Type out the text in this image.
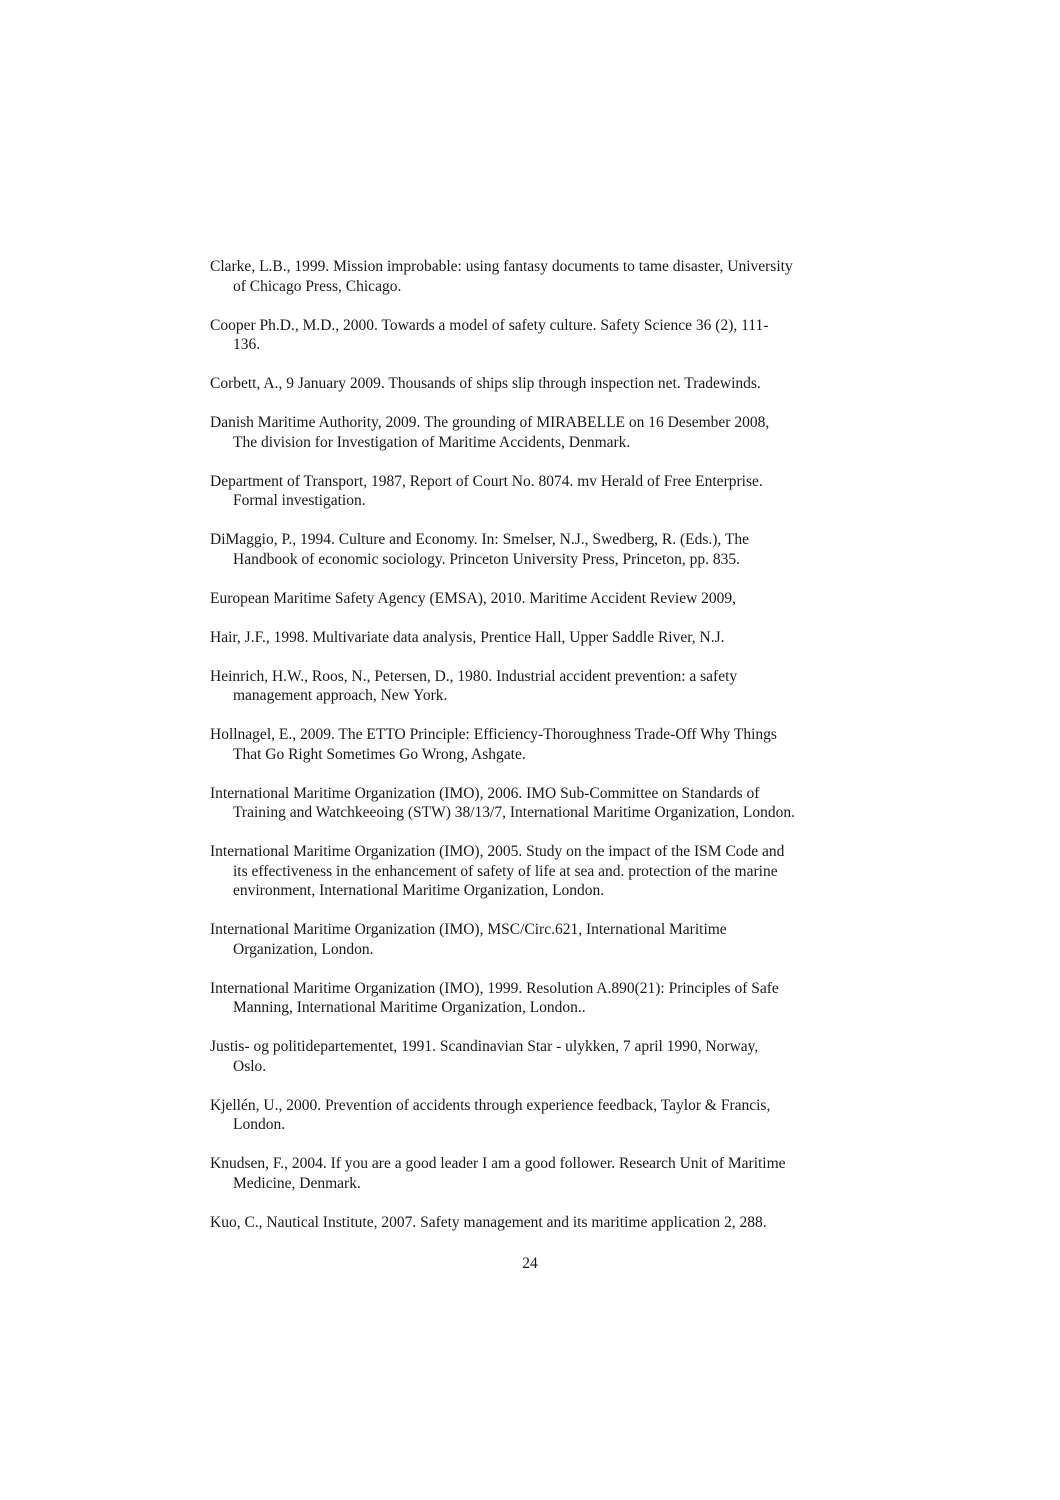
Clarke, L.B., 1999. Mission improbable: using fantasy documents to tame disaster, University
of Chicago Press, Chicago.

Cooper Ph.D., M.D., 2000. Towards a model of safety culture. Safety Science 36 (2), 111-
136.

Corbett, A., 9 January 2009. Thousands of ships slip through inspection net. Tradewinds.

Danish Maritime Authority, 2009. The grounding of MIRABELLE on 16 Desember 2008,
The division for Investigation of Maritime Accidents, Denmark.

Department of Transport, 1987, Report of Court No. 8074. mv Herald of Free Enterprise.
Formal investigation.

DiMaggio, P., 1994. Culture and Economy. In: Smelser, N.J., Swedberg, R. (Eds.), The
Handbook of economic sociology. Princeton University Press, Princeton, pp. 835.

European Maritime Safety Agency (EMSA), 2010. Maritime Accident Review 2009,

Hair, J.F., 1998. Multivariate data analysis, Prentice Hall, Upper Saddle River, N.J.

Heinrich, H.W., Roos, N., Petersen, D., 1980. Industrial accident prevention: a safety
management approach, New York.

Hollnagel, E., 2009. The ETTO Principle: Efficiency-Thoroughness Trade-Off Why Things
That Go Right Sometimes Go Wrong, Ashgate.

International Maritime Organization (IMO), 2006. IMO Sub-Committee on Standards of
Training and Watchkeeoing (STW) 38/13/7, International Maritime Organization, London.

International Maritime Organization (IMO), 2005. Study on the impact of the ISM Code and
its effectiveness in the enhancement of safety of life at sea and. protection of the marine
environment, International Maritime Organization, London.

International Maritime Organization (IMO), MSC/Circ.621, International Maritime
Organization, London.

International Maritime Organization (IMO), 1999. Resolution A.890(21): Principles of Safe
Manning, International Maritime Organization, London..

Justis- og politidepartementet, 1991. Scandinavian Star - ulykken, 7 april 1990, Norway,
Oslo.

Kjellén, U., 2000. Prevention of accidents through experience feedback, Taylor & Francis,
London.

Knudsen, F., 2004. If you are a good leader I am a good follower. Research Unit of Maritime
Medicine, Denmark.

Kuo, C., Nautical Institute, 2007. Safety management and its maritime application 2, 288.

24
